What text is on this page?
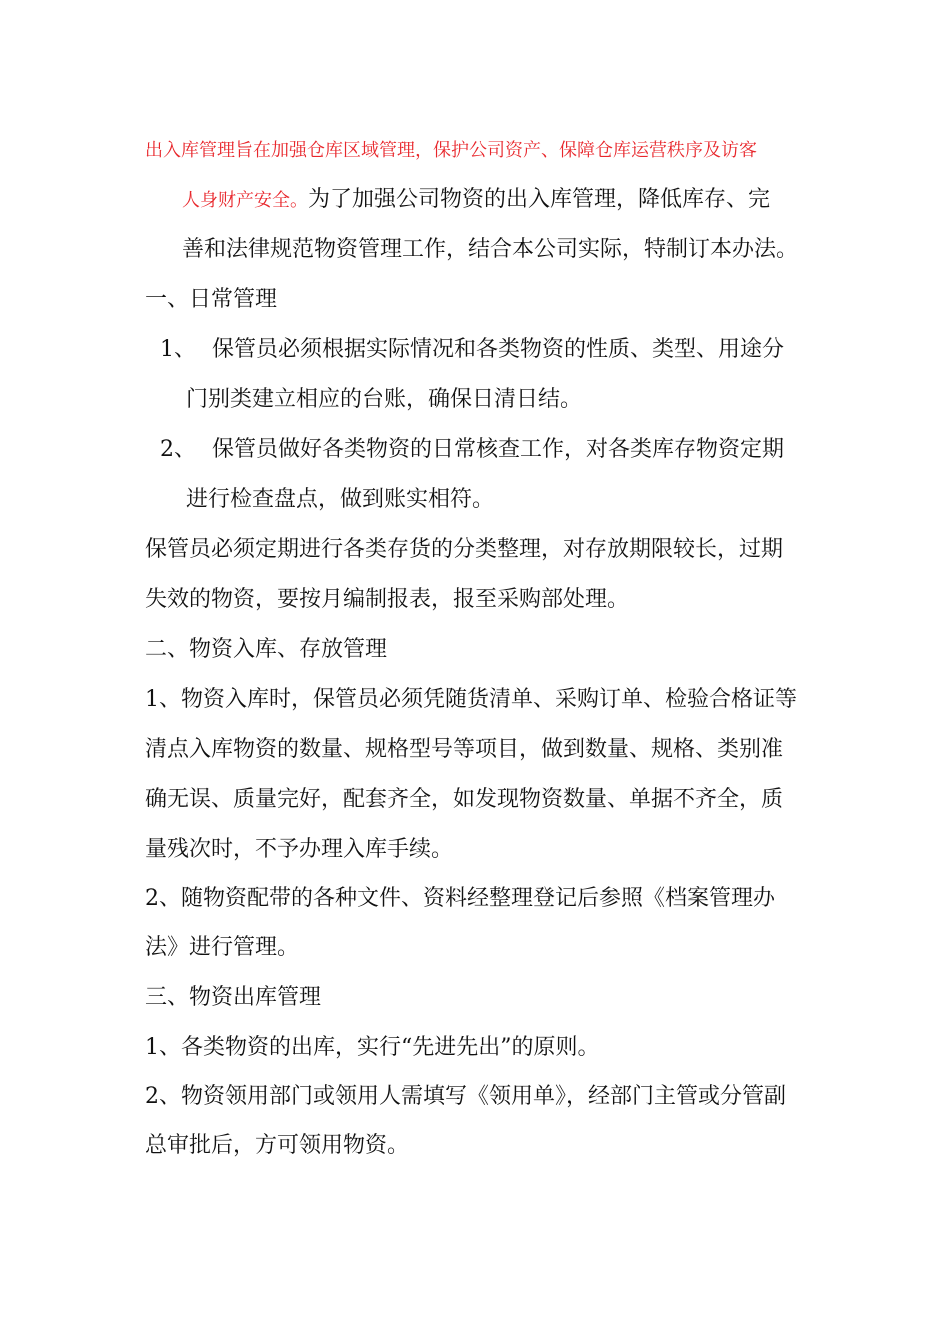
出入库管理旨在加强仓库区域管理，保护公司资产、保障仓库运营秩序及访客
人身财产安全。为了加强公司物资的出入库管理，降低库存、完
善和法律规范物资管理工作，结合本公司实际，特制订本办法。
一、日常管理
1、 保管员必须根据实际情况和各类物资的性质、类型、用途分
门别类建立相应的台账，确保日清日结。
2、 保管员做好各类物资的日常核查工作，对各类库存物资定期
进行检查盘点，做到账实相符。
保管员必须定期进行各类存货的分类整理，对存放期限较长，过期
失效的物资，要按月编制报表，报至采购部处理。
二、物资入库、存放管理
1、物资入库时，保管员必须凭随货清单、采购订单、检验合格证等
清点入库物资的数量、规格型号等项目，做到数量、规格、类别准
确无误、质量完好，配套齐全，如发现物资数量、单据不齐全，质
量残次时，不予办理入库手续。
2、随物资配带的各种文件、资料经整理登记后参照《档案管理办
法》进行管理。
三、物资出库管理
1、各类物资的出库，实行“先进先出”的原则。
2、物资领用部门或领用人需填写《领用单》，经部门主管或分管副
总审批后，方可领用物资。
